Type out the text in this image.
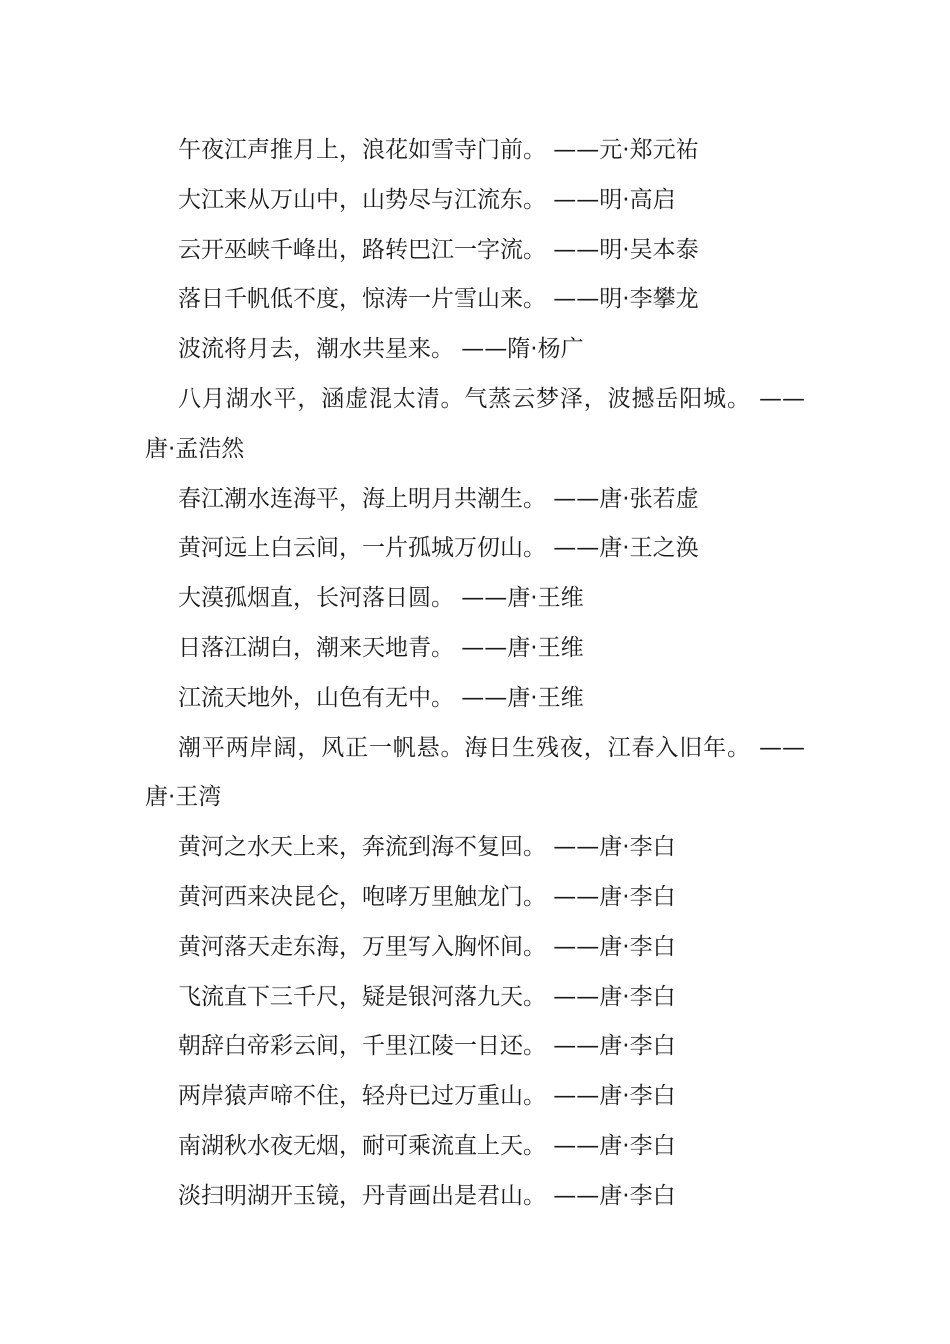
午夜江声推月上，浪花如雪寺门前。 ——元·郑元祐

大江来从万山中，山势尽与江流东。 ——明·高启

云开巫峡千峰出，路转巴江一字流。 ——明·吴本泰

落日千帆低不度，惊涛一片雪山来。 ——明·李攀龙

波流将月去，潮水共星来。 ——隋·杨广

八月湖水平，涵虚混太清。气蒸云梦泽，波撼岳阳城。 ——唐·孟浩然

春江潮水连海平，海上明月共潮生。 ——唐·张若虚

黄河远上白云间，一片孤城万仞山。 ——唐·王之涣

大漠孤烟直，长河落日圆。 ——唐·王维

日落江湖白，潮来天地青。 ——唐·王维

江流天地外，山色有无中。 ——唐·王维

潮平两岸阔，风正一帆悬。海日生残夜，江春入旧年。 ——唐·王湾

黄河之水天上来，奔流到海不复回。 ——唐·李白

黄河西来决昆仑，咆哮万里触龙门。 ——唐·李白

黄河落天走东海，万里写入胸怀间。 ——唐·李白

飞流直下三千尺，疑是银河落九天。 ——唐·李白

朝辞白帝彩云间，千里江陵一日还。 ——唐·李白

两岸猿声啼不住，轻舟已过万重山。 ——唐·李白

南湖秋水夜无烟，耐可乘流直上天。 ——唐·李白

淡扫明湖开玉镜，丹青画出是君山。 ——唐·李白
